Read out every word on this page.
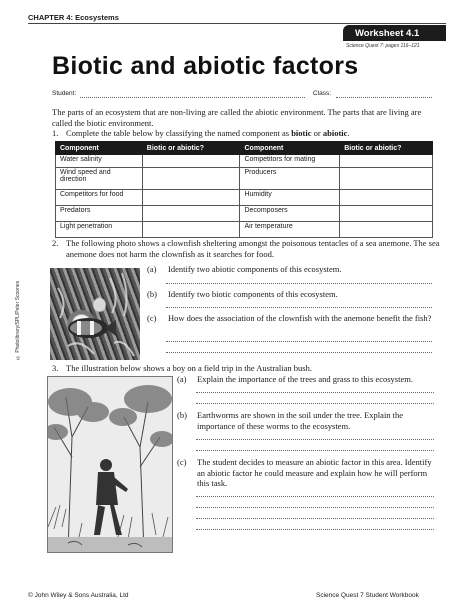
CHAPTER 4: Ecosystems
Worksheet 4.1
Science Quest 7: pages 116–121
Biotic and abiotic factors
Student:	Class:
The parts of an ecosystem that are non-living are called the abiotic environment. The parts that are living are called the biotic environment.
1. Complete the table below by classifying the named component as biotic or abiotic.
Component	Biotic or abiotic?	Component	Biotic or abiotic?
Water salinity		Competitors for mating	
Wind speed and direction		Producers	
Competitors for food		Humidity	
Predators		Decomposers	
Light penetration		Air temperature	
2. The following photo shows a clownfish sheltering amongst the poisonous tentacles of a sea anemone. The sea anemone does not harm the clownfish as it searches for food.
© Photolibrary/SPL/Peter Scoones
(a) Identify two abiotic components of this ecosystem.
(b) Identify two biotic components of this ecosystem.
(c) How does the association of the clownfish with the anemone benefit the fish?
3. The illustration below shows a boy on a field trip in the Australian bush.
(a) Explain the importance of the trees and grass to this ecosystem.
(b) Earthworms are shown in the soil under the tree. Explain the importance of these worms to the ecosystem.
(c) The student decides to measure an abiotic factor in this area. Identify an abiotic factor he could measure and explain how he will perform this task.
© John Wiley & Sons Australia, Ltd	Science Quest 7 Student Workbook
